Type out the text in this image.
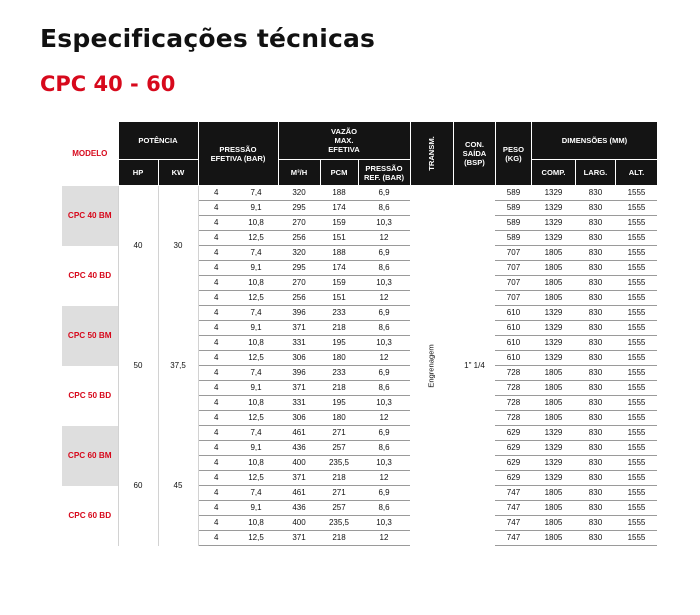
Especificações técnicas
CPC 40 - 60
MODELO	POTÊNCIA		PRESSÃO EFETIVA (BAR)		VAZÃO MAX. EFETIVA			TRANSM.	CON. SAÍDA (BSP)	PESO (KG)	DIMENSÕES (MM)		
	HP	KW			M³/H	PCM	PRESSÃO REF. (BAR)				COMP.	LARG.	ALT.
CPC 40 BM	40	30	4	7,4	320	188	6,9	Engrenagem	1" 1/4	589	1329	830	1555
			4	9,1	295	174	8,6			589	1329	830	1555
			4	10,8	270	159	10,3			589	1329	830	1555
			4	12,5	256	151	12			589	1329	830	1555
CPC 40 BD			4	7,4	320	188	6,9			707	1805	830	1555
			4	9,1	295	174	8,6			707	1805	830	1555
			4	10,8	270	159	10,3			707	1805	830	1555
			4	12,5	256	151	12			707	1805	830	1555
CPC 50 BM	50	37,5	4	7,4	396	233	6,9			610	1329	830	1555
			4	9,1	371	218	8,6			610	1329	830	1555
			4	10,8	331	195	10,3			610	1329	830	1555
			4	12,5	306	180	12			610	1329	830	1555
CPC 50 BD			4	7,4	396	233	6,9			728	1805	830	1555
			4	9,1	371	218	8,6			728	1805	830	1555
			4	10,8	331	195	10,3			728	1805	830	1555
			4	12,5	306	180	12			728	1805	830	1555
CPC 60 BM	60	45	4	7,4	461	271	6,9			629	1329	830	1555
			4	9,1	436	257	8,6			629	1329	830	1555
			4	10,8	400	235,5	10,3			629	1329	830	1555
			4	12,5	371	218	12			629	1329	830	1555
CPC 60 BD			4	7,4	461	271	6,9			747	1805	830	1555
			4	9,1	436	257	8,6			747	1805	830	1555
			4	10,8	400	235,5	10,3			747	1805	830	1555
			4	12,5	371	218	12			747	1805	830	1555
